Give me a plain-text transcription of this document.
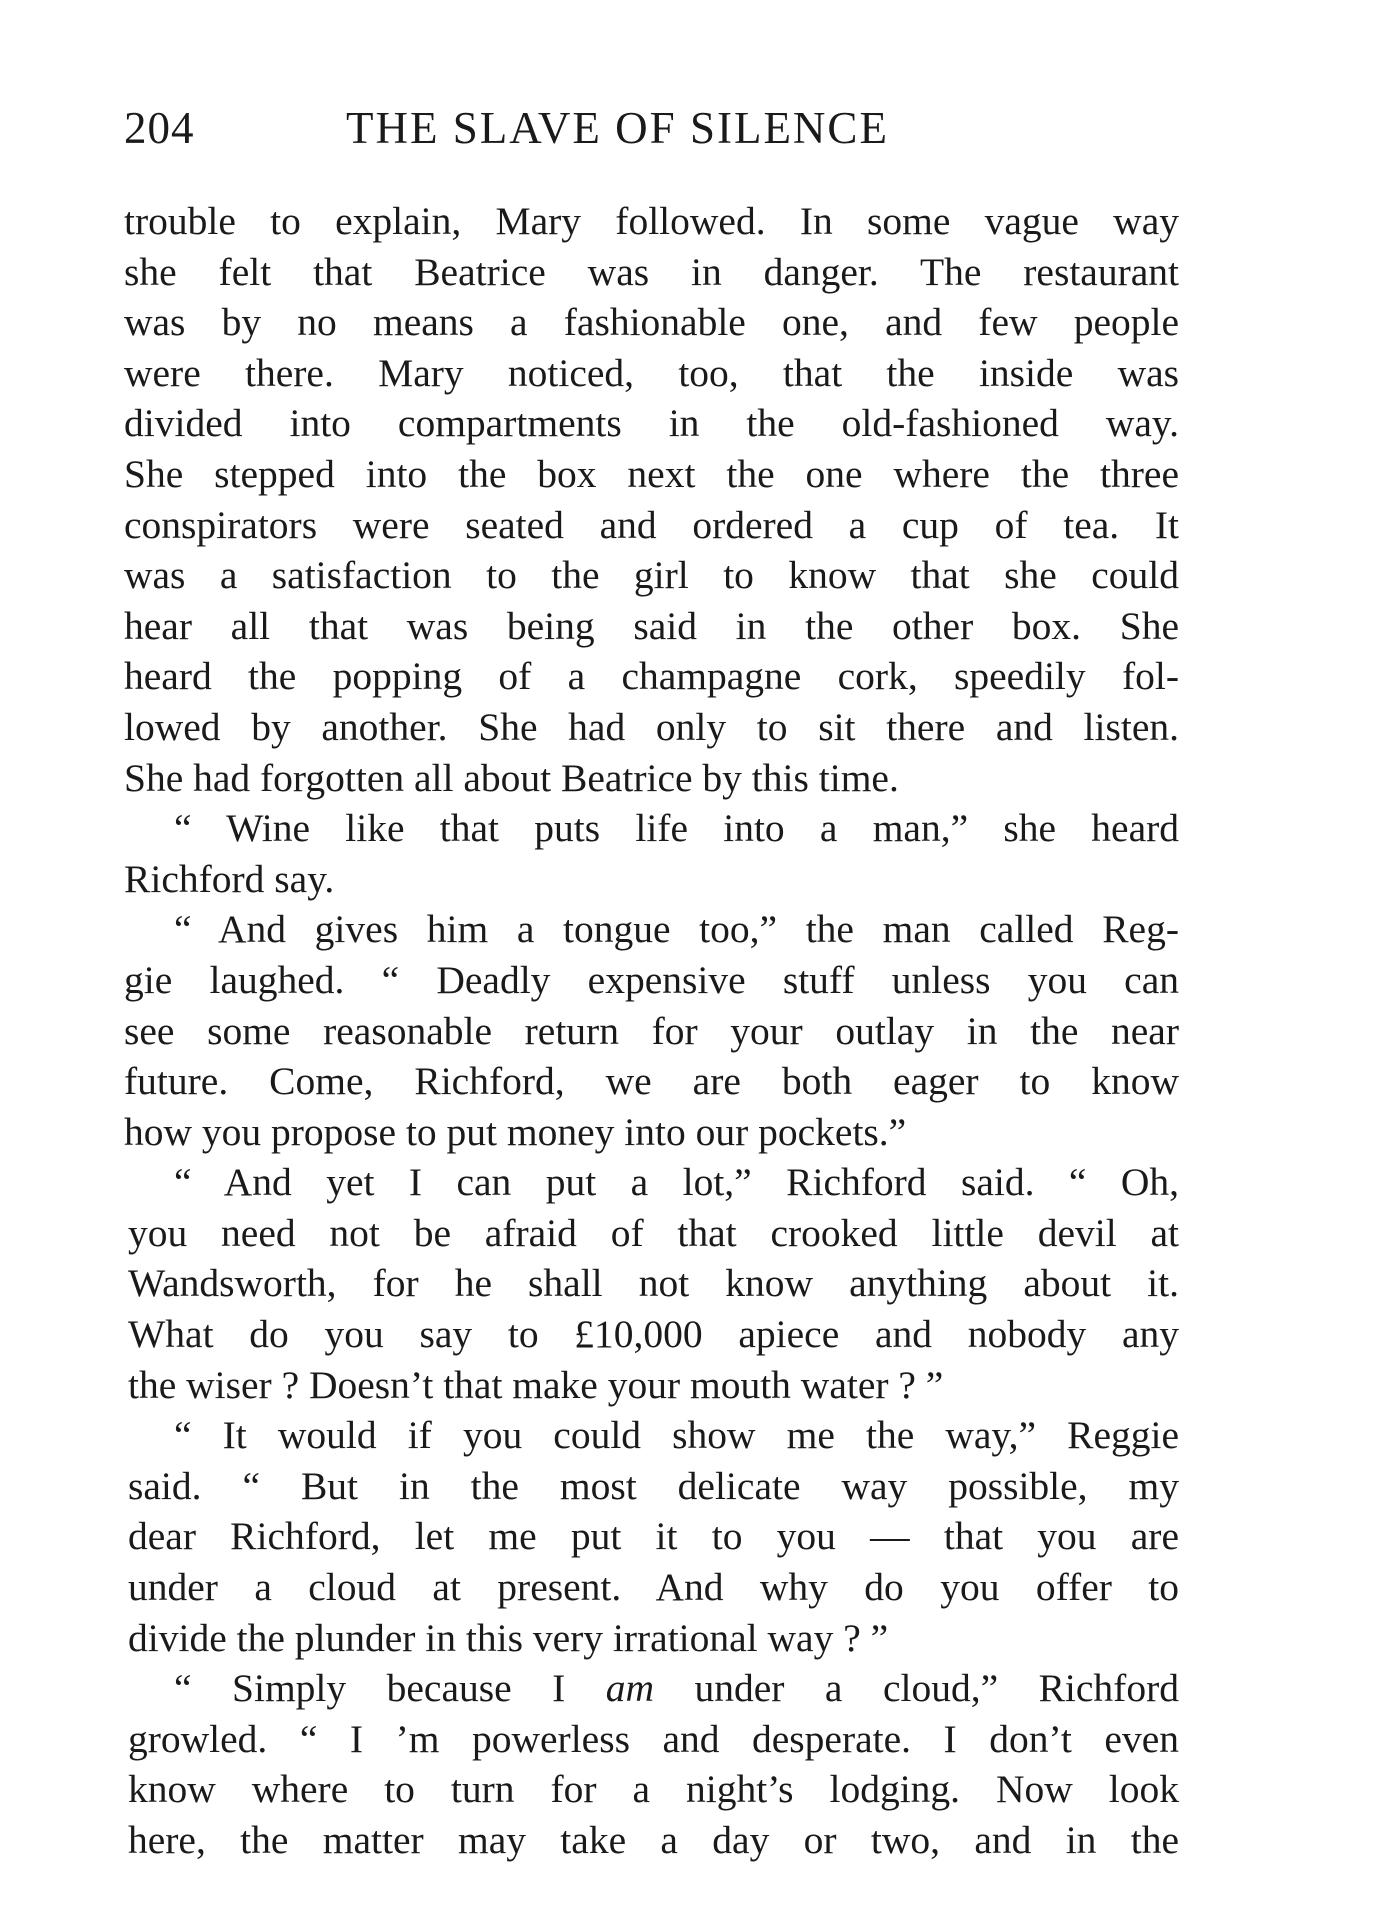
204	THE SLAVE OF SILENCE
trouble to explain, Mary followed. In some vague way
she felt that Beatrice was in danger. The restaurant
was by no means a fashionable one, and few people
were there. Mary noticed, too, that the inside was
divided into compartments in the old-fashioned way.
She stepped into the box next the one where the three
conspirators were seated and ordered a cup of tea. It
was a satisfaction to the girl to know that she could
hear all that was being said in the other box. She
heard the popping of a champagne cork, speedily fol-
lowed by another. She had only to sit there and listen.
She had forgotten all about Beatrice by this time.
“ Wine like that puts life into a man,” she heard
Richford say.
“ And gives him a tongue too,” the man called Reg-
gie laughed. “ Deadly expensive stuff unless you can
see some reasonable return for your outlay in the near
future. Come, Richford, we are both eager to know
how you propose to put money into our pockets.”
“ And yet I can put a lot,” Richford said. “ Oh,
you need not be afraid of that crooked little devil at
Wandsworth, for he shall not know anything about it.
What do you say to £10,000 apiece and nobody any
the wiser ? Doesn’t that make your mouth water ? ”
“ It would if you could show me the way,” Reggie
said. “ But in the most delicate way possible, my
dear Richford, let me put it to you — that you are
under a cloud at present. And why do you offer to
divide the plunder in this very irrational way ? ”
“ Simply because I am under a cloud,” Richford
growled. “ I ’m powerless and desperate. I don’t even
know where to turn for a night’s lodging. Now look
here, the matter may take a day or two, and in the
